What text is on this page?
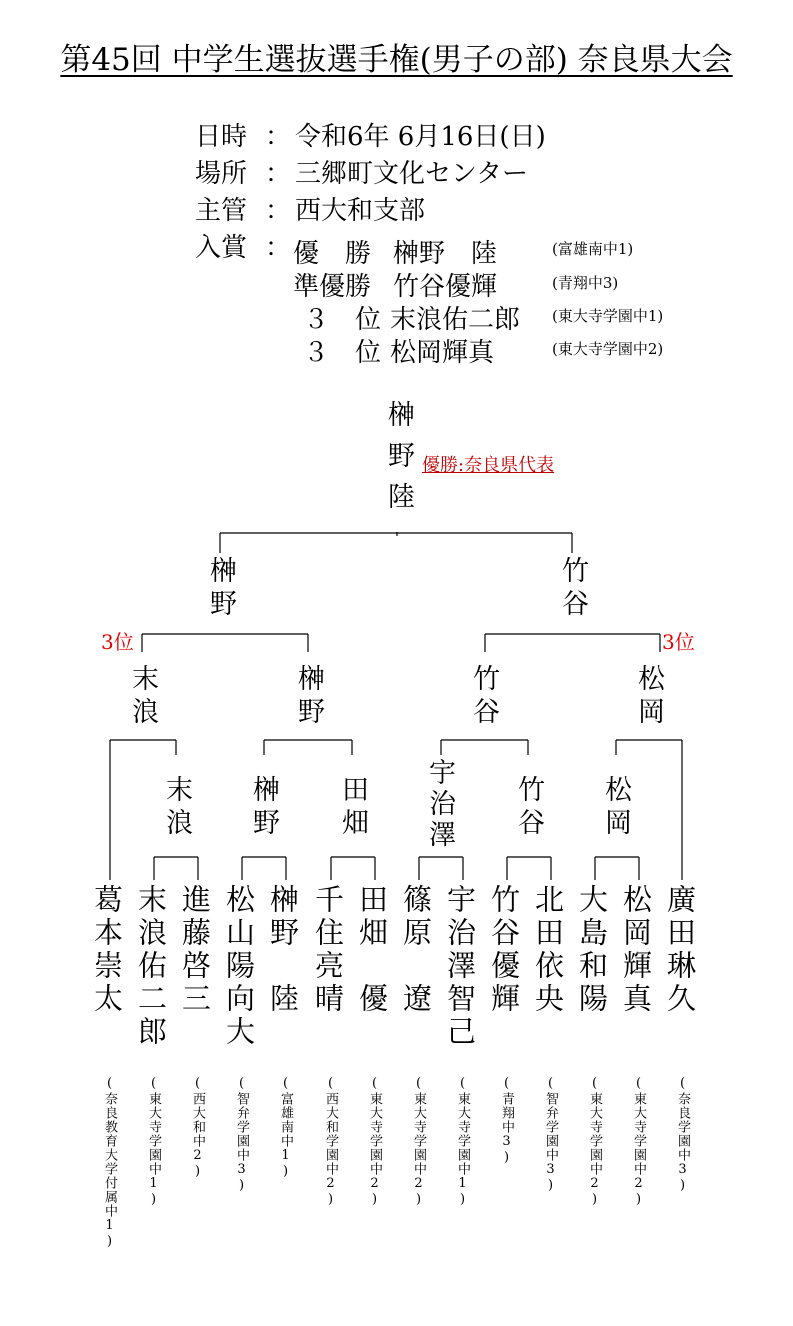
第45回 中学生選抜選手権(男子の部) 奈良県大会
日時 ： 令和6年 6月16日(日)
場所 ： 三郷町文化センター
主管 ： 西大和支部
入賞 ： 優　勝 榊野　陸	(富雄南中1)
準優勝 竹谷優輝	(青翔中3)
３　位 末浪佑二郎 (東大寺学園中1)
３　位 松岡輝真	(東大寺学園中2)
榊野陸 優勝:奈良県代表
榊野	竹谷
3位	3位
末浪	榊野	竹谷	松岡
末浪 榊野 田畑 宇治澤 竹谷 松岡
葛本崇太
(奈良教育大学付属中1)
末浪佑二郎
(東大寺学園中1)
進藤啓三
(西大和中2)
松山陽向大
(智弁学園中3)
榊野　陸
(富雄南中1)
千住亮晴
(西大和学園中2)
田畑　優
(東大寺学園中2)
篠原　遼
(東大寺学園中2)
宇治澤智己
(東大寺学園中1)
竹谷優輝
(青翔中3)
北田依央
(智弁学園中3)
大島和陽
(東大寺学園中2)
松岡輝真
(東大寺学園中2)
廣田琳久
(奈良学園中3)
